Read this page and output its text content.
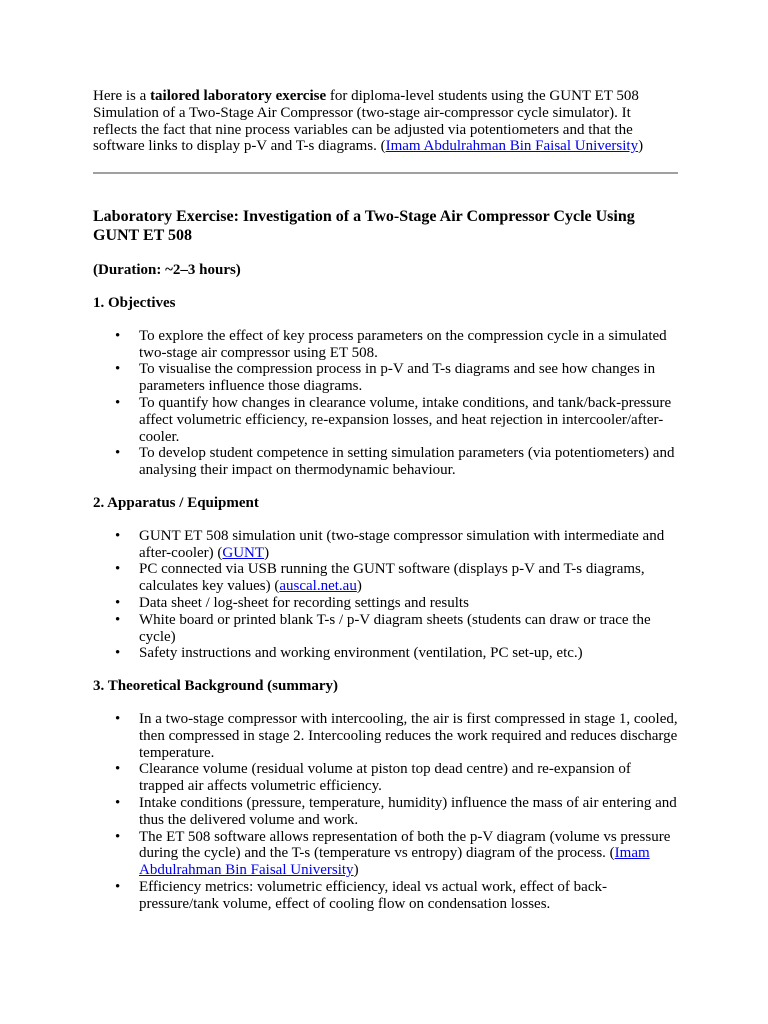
Here is a tailored laboratory exercise for diploma-level students using the GUNT ET 508 Simulation of a Two-Stage Air Compressor (two-stage air-compressor cycle simulator). It reflects the fact that nine process variables can be adjusted via potentiometers and that the software links to display p-V and T-s diagrams. (Imam Abdulrahman Bin Faisal University)

Laboratory Exercise: Investigation of a Two-Stage Air Compressor Cycle Using GUNT ET 508

(Duration: ~2–3 hours)

1. Objectives
• To explore the effect of key process parameters on the compression cycle in a simulated two-stage air compressor using ET 508.
• To visualise the compression process in p-V and T-s diagrams and see how changes in parameters influence those diagrams.
• To quantify how changes in clearance volume, intake conditions, and tank/back-pressure affect volumetric efficiency, re-expansion losses, and heat rejection in intercooler/after-cooler.
• To develop student competence in setting simulation parameters (via potentiometers) and analysing their impact on thermodynamic behaviour.
2. Apparatus / Equipment
• GUNT ET 508 simulation unit (two-stage compressor simulation with intermediate and after-cooler) (GUNT)
• PC connected via USB running the GUNT software (displays p-V and T-s diagrams, calculates key values) (auscal.net.au)
• Data sheet / log-sheet for recording settings and results
• White board or printed blank T-s / p-V diagram sheets (students can draw or trace the cycle)
• Safety instructions and working environment (ventilation, PC set-up, etc.)
3. Theoretical Background (summary)
• In a two-stage compressor with intercooling, the air is first compressed in stage 1, cooled, then compressed in stage 2. Intercooling reduces the work required and reduces discharge temperature.
• Clearance volume (residual volume at piston top dead centre) and re-expansion of trapped air affects volumetric efficiency.
• Intake conditions (pressure, temperature, humidity) influence the mass of air entering and thus the delivered volume and work.
• The ET 508 software allows representation of both the p-V diagram (volume vs pressure during the cycle) and the T-s (temperature vs entropy) diagram of the process. (Imam Abdulrahman Bin Faisal University)
• Efficiency metrics: volumetric efficiency, ideal vs actual work, effect of back-pressure/tank volume, effect of cooling flow on condensation losses.
